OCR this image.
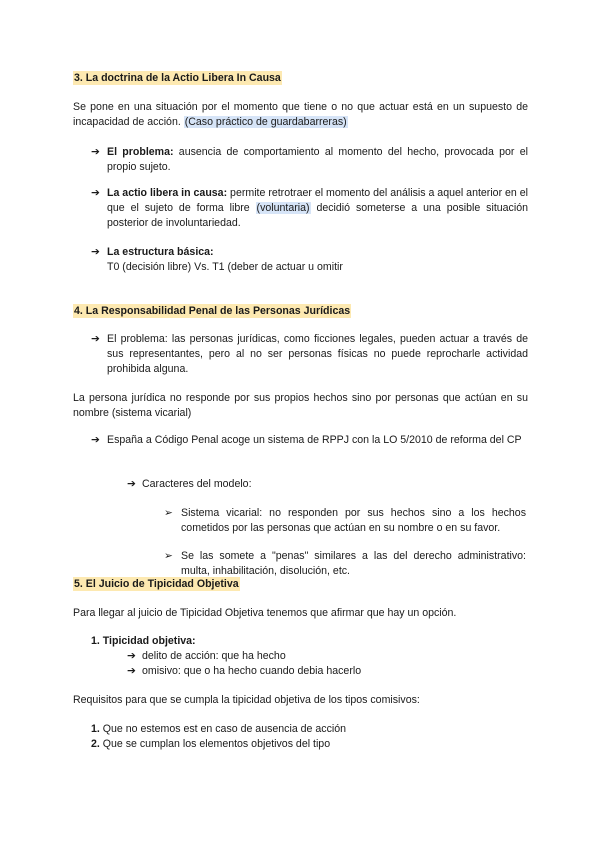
3. La doctrina de la Actio Libera In Causa
Se pone en una situación por el momento que tiene o no que actuar está en un supuesto de incapacidad de acción. (Caso práctico de guardabarreras)
➔ El problema: ausencia de comportamiento al momento del hecho, provocada por el propio sujeto.
➔ La actio libera in causa: permite retrotraer el momento del análisis a aquel anterior en el que el sujeto de forma libre (voluntaria) decidió someterse a una posible situación posterior de involuntariedad.
➔ La estructura básica:
T0 (decisión libre) Vs. T1 (deber de actuar u omitir
4. La Responsabilidad Penal de las Personas Jurídicas
➔ El problema: las personas jurídicas, como ficciones legales, pueden actuar a través de sus representantes, pero al no ser personas físicas no puede reprocharle actividad prohibida alguna.
La persona jurídica no responde por sus propios hechos sino por personas que actúan en su nombre (sistema vicarial)
➔ España a Código Penal acoge un sistema de RPPJ con la LO 5/2010 de reforma del CP
➔ Caracteres del modelo:
➢ Sistema vicarial: no responden por sus hechos sino a los hechos cometidos por las personas que actúan en su nombre o en su favor.
➢ Se las somete a "penas" similares a las del derecho administrativo: multa, inhabilitación, disolución, etc.
5. El Juicio de Tipicidad Objetiva
Para llegar al juicio de Tipicidad Objetiva tenemos que afirmar que hay un opción.
1. Tipicidad objetiva:
➔ delito de acción: que ha hecho
➔ omisivo: que o ha hecho cuando debia hacerlo
Requisitos para que se cumpla la tipicidad objetiva de los tipos comisivos:
1. Que no estemos est en caso de ausencia de acción
2. Que se cumplan los elementos objetivos del tipo
